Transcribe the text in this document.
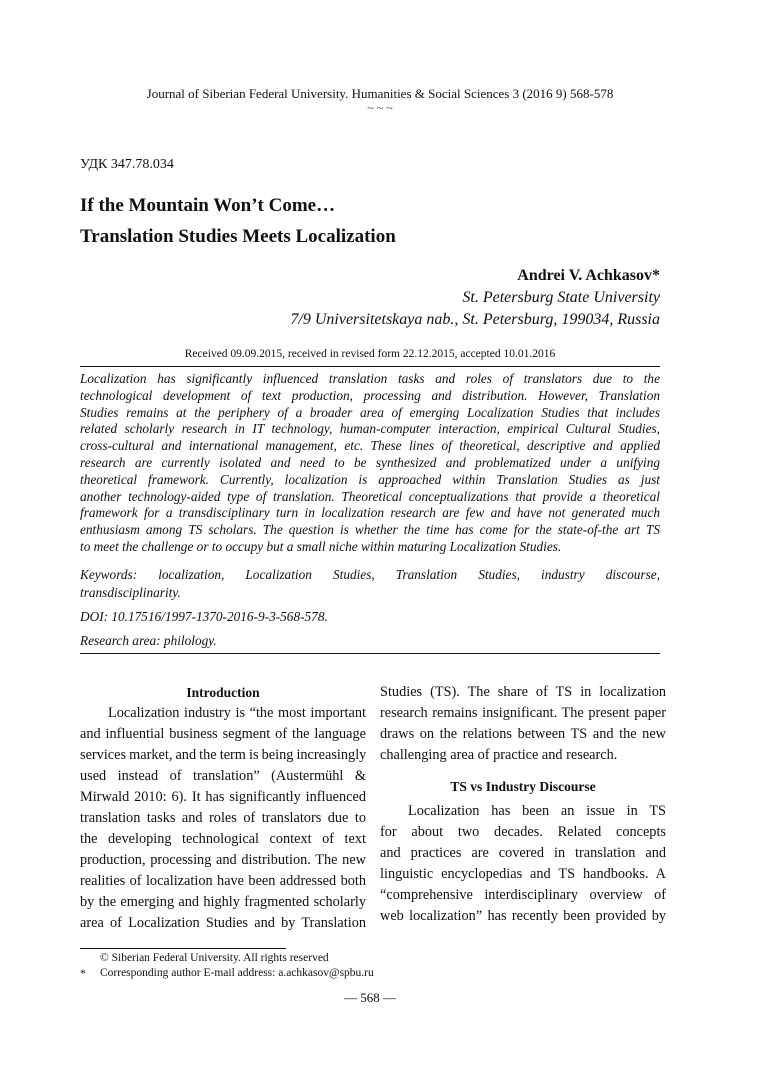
Journal of Siberian Federal University. Humanities & Social Sciences 3 (2016 9) 568-578
~ ~ ~
УДК 347.78.034
If the Mountain Won’t Come…
Translation Studies Meets Localization
Andrei V. Achkasov*
St. Petersburg State University
7/9 Universitetskaya nab., St. Petersburg, 199034, Russia
Received 09.09.2015, received in revised form 22.12.2015, accepted 10.01.2016
Localization has significantly influenced translation tasks and roles of translators due to the
technological development of text production, processing and distribution. However, Translation
Studies remains at the periphery of a broader area of emerging Localization Studies that includes
related scholarly research in IT technology, human-computer interaction, empirical Cultural Studies,
cross-cultural and international management, etc. These lines of theoretical, descriptive and applied
research are currently isolated and need to be synthesized and problematized under a unifying
theoretical framework. Currently, localization is approached within Translation Studies as just
another technology-aided type of translation. Theoretical conceptualizations that provide a theoretical
framework for a transdisciplinary turn in localization research are few and have not generated much
enthusiasm among TS scholars. The question is whether the time has come for the state-of-the art TS
to meet the challenge or to occupy but a small niche within maturing Localization Studies.
Keywords: localization, Localization Studies, Translation Studies, industry discourse,
transdisciplinarity.
DOI: 10.17516/1997-1370-2016-9-3-568-578.
Research area: philology.
Introduction
Localization industry is “the most important
and influential business segment of the language
services market, and the term is being increasingly
used instead of translation” (Austermühl &
Mirwald 2010: 6). It has significantly influenced
translation tasks and roles of translators due to
the developing technological context of text
production, processing and distribution. The new
realities of localization have been addressed both
by the emerging and highly fragmented scholarly
area of Localization Studies and by Translation
Studies (TS). The share of TS in localization
research remains insignificant. The present paper
draws on the relations between TS and the new
challenging area of practice and research.
TS vs Industry Discourse
Localization has been an issue in TS
for about two decades. Related concepts
and practices are covered in translation and
linguistic encyclopedias and TS handbooks. A
“comprehensive interdisciplinary overview of
web localization” has recently been provided by
© Siberian Federal University. All rights reserved
* Corresponding author E-mail address: a.achkasov@spbu.ru
— 568 —
